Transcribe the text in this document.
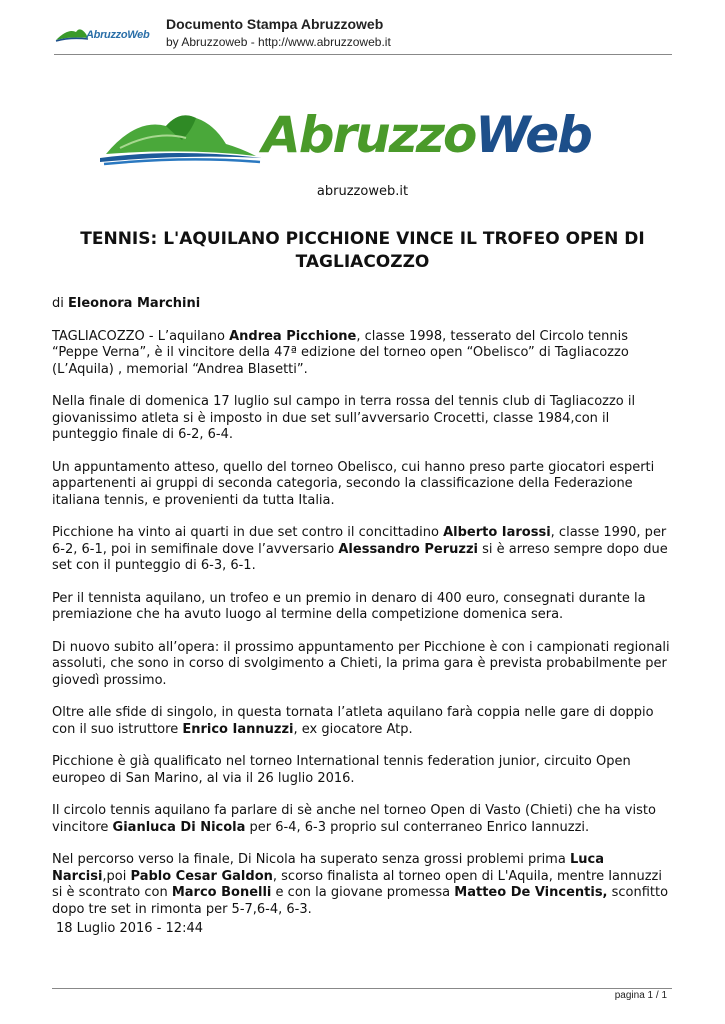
AbruzzoWeb
Documento Stampa Abruzzoweb
by Abruzzoweb - http://www.abruzzoweb.it
AbruzzoWeb
abruzzoweb.it
TENNIS: L'AQUILANO PICCHIONE VINCE IL TROFEO OPEN DI TAGLIACOZZO

di Eleonora Marchini

TAGLIACOZZO - L’aquilano Andrea Picchione, classe 1998, tesserato del Circolo tennis “Peppe Verna”, è il vincitore della 47ª edizione del torneo open “Obelisco” di Tagliacozzo (L’Aquila) , memorial “Andrea Blasetti”.

Nella finale di domenica 17 luglio sul campo in terra rossa del tennis club di Tagliacozzo il giovanissimo atleta si è imposto in due set sull’avversario Crocetti, classe 1984,con il punteggio finale di 6-2, 6-4.

Un appuntamento atteso, quello del torneo Obelisco, cui hanno preso parte giocatori esperti appartenenti ai gruppi di seconda categoria, secondo la classificazione della Federazione italiana tennis, e provenienti da tutta Italia.

Picchione ha vinto ai quarti in due set contro il concittadino Alberto Iarossi, classe 1990, per 6-2, 6-1, poi in semifinale dove l’avversario Alessandro Peruzzi si è arreso sempre dopo due set con il punteggio di 6-3, 6-1.

Per il tennista aquilano, un trofeo e un premio in denaro di 400 euro, consegnati durante la premiazione che ha avuto luogo al termine della competizione domenica sera.

Di nuovo subito all’opera: il prossimo appuntamento per Picchione è con i campionati regionali assoluti, che sono in corso di svolgimento a Chieti, la prima gara è prevista probabilmente per giovedì prossimo.

Oltre alle sfide di singolo, in questa tornata l’atleta aquilano farà coppia nelle gare di doppio con il suo istruttore Enrico Iannuzzi, ex giocatore Atp.

Picchione è già qualificato nel torneo International tennis federation junior, circuito Open europeo di San Marino, al via il 26 luglio 2016.

Il circolo tennis aquilano fa parlare di sè anche nel torneo Open di Vasto (Chieti) che ha visto vincitore Gianluca Di Nicola per 6-4, 6-3 proprio sul conterraneo Enrico Iannuzzi.

Nel percorso verso la finale, Di Nicola ha superato senza grossi problemi prima Luca Narcisi,poi Pablo Cesar Galdon, scorso finalista al torneo open di L'Aquila, mentre Iannuzzi si è scontrato con Marco Bonelli e con la giovane promessa Matteo De Vincentis, sconfitto dopo tre set in rimonta per 5-7,6-4, 6-3.

18 Luglio 2016 - 12:44
pagina 1 / 1
